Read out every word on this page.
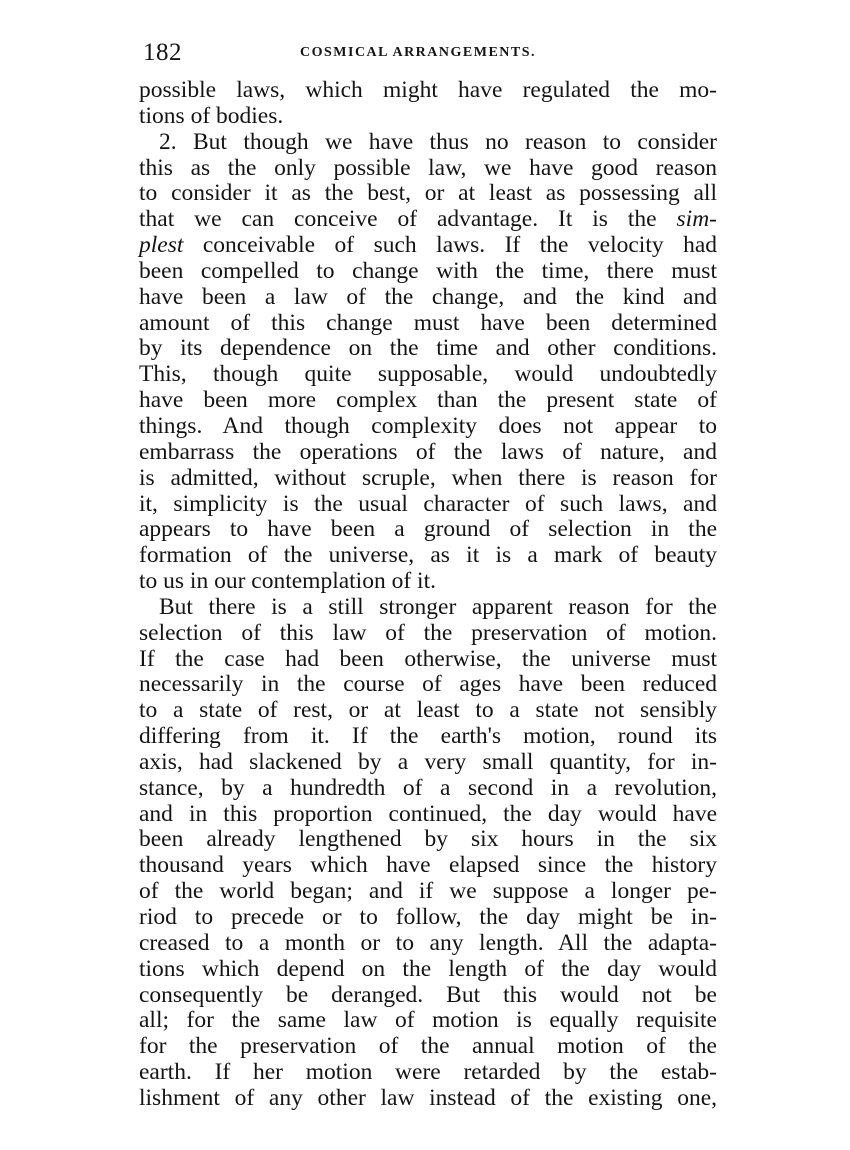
182	COSMICAL ARRANGEMENTS.
possible laws, which might have regulated the mo-
tions of bodies.
2. But though we have thus no reason to consider
this as the only possible law, we have good reason
to consider it as the best, or at least as possessing all
that we can conceive of advantage. It is the sim-
plest conceivable of such laws. If the velocity had
been compelled to change with the time, there must
have been a law of the change, and the kind and
amount of this change must have been determined
by its dependence on the time and other conditions.
This, though quite supposable, would undoubtedly
have been more complex than the present state of
things. And though complexity does not appear to
embarrass the operations of the laws of nature, and
is admitted, without scruple, when there is reason for
it, simplicity is the usual character of such laws, and
appears to have been a ground of selection in the
formation of the universe, as it is a mark of beauty
to us in our contemplation of it.
But there is a still stronger apparent reason for the
selection of this law of the preservation of motion.
If the case had been otherwise, the universe must
necessarily in the course of ages have been reduced
to a state of rest, or at least to a state not sensibly
differing from it. If the earth's motion, round its
axis, had slackened by a very small quantity, for in-
stance, by a hundredth of a second in a revolution,
and in this proportion continued, the day would have
been already lengthened by six hours in the six
thousand years which have elapsed since the history
of the world began; and if we suppose a longer pe-
riod to precede or to follow, the day might be in-
creased to a month or to any length. All the adapta-
tions which depend on the length of the day would
consequently be deranged. But this would not be
all; for the same law of motion is equally requisite
for the preservation of the annual motion of the
earth. If her motion were retarded by the estab-
lishment of any other law instead of the existing one,
